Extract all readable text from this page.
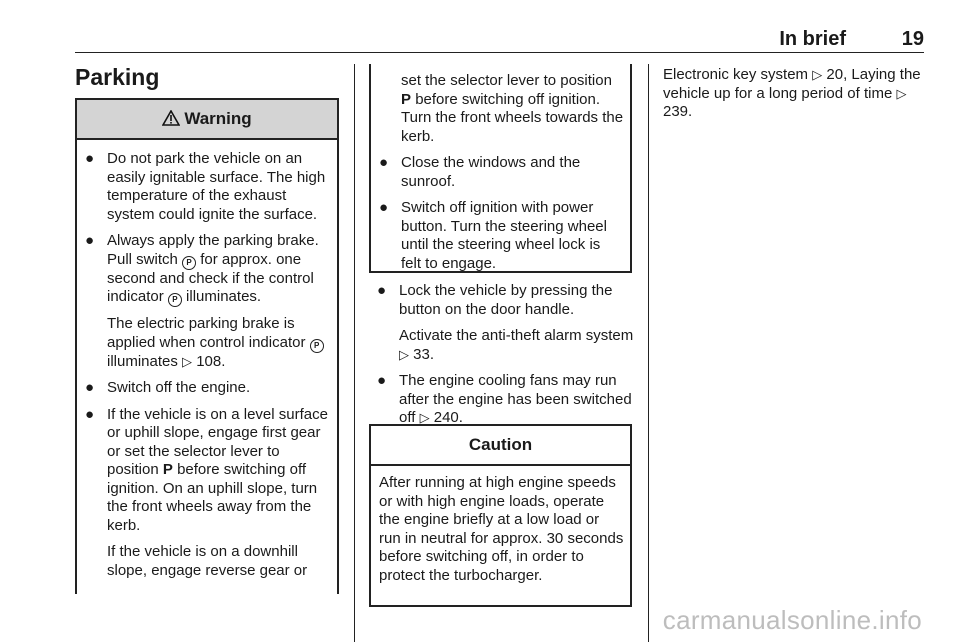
In brief	19
Parking
Warning
● Do not park the vehicle on an easily ignitable surface. The high temperature of the exhaust system could ignite the surface.

● Always apply the parking brake. Pull switch P for approx. one second and check if the control indicator P illuminates.

The electric parking brake is applied when control indicator P illuminates ▷ 108.

● Switch off the engine.

● If the vehicle is on a level surface or uphill slope, engage first gear or set the selector lever to position P before switching off ignition. On an uphill slope, turn the front wheels away from the kerb.

If the vehicle is on a downhill slope, engage reverse gear or

set the selector lever to position P before switching off ignition. Turn the front wheels towards the kerb.

● Close the windows and the sunroof.

● Switch off ignition with power button. Turn the steering wheel until the steering wheel lock is felt to engage.

● Lock the vehicle by pressing the button on the door handle.

Activate the anti-theft alarm system ▷ 33.

● The engine cooling fans may run after the engine has been switched off ▷ 240.

Caution
After running at high engine speeds or with high engine loads, operate the engine briefly at a low load or run in neutral for approx. 30 seconds before switching off, in order to protect the turbocharger.
Electronic key system ▷ 20, Laying the vehicle up for a long period of time ▷ 239.
carmanualsonline.info
